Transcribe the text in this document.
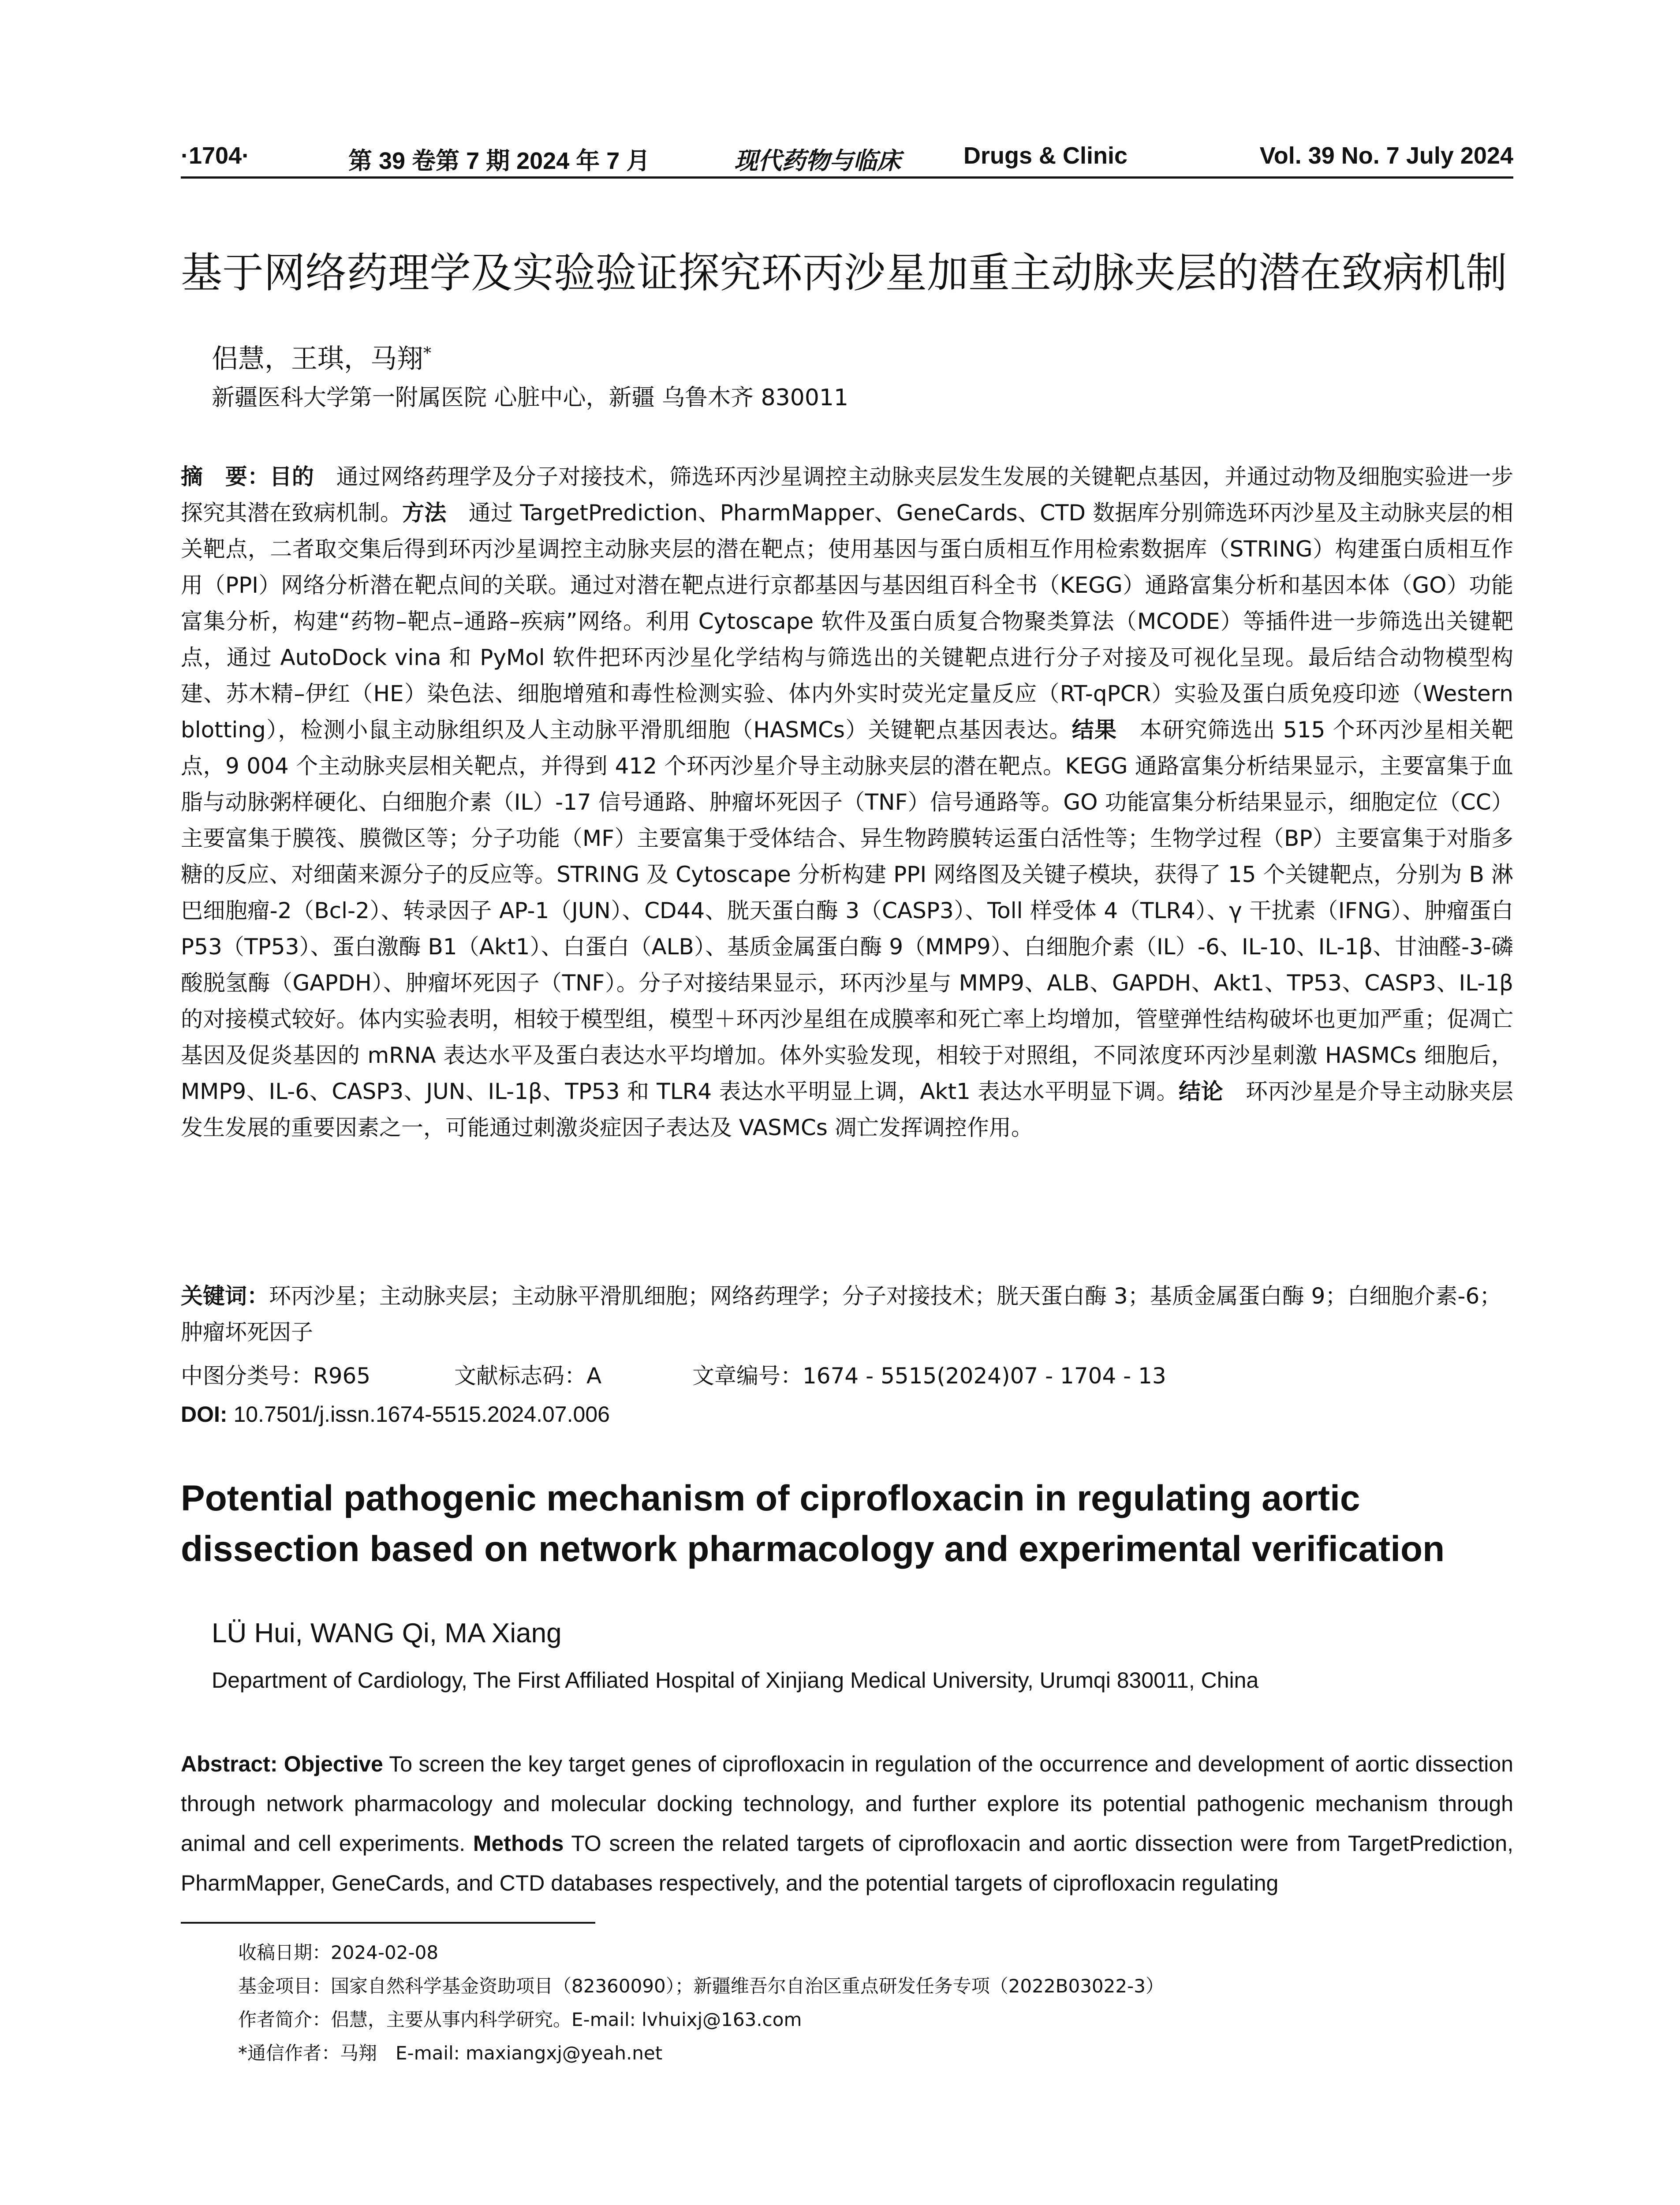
·1704·	第 39 卷第 7 期 2024 年 7 月	现代药物与临床	Drugs & Clinic	Vol. 39 No. 7 July 2024
基于网络药理学及实验验证探究环丙沙星加重主动脉夹层的潜在致病机制
侣慧，王琪，马翔*
新疆医科大学第一附属医院 心脏中心，新疆 乌鲁木齐 830011
摘　要：目的　通过网络药理学及分子对接技术，筛选环丙沙星调控主动脉夹层发生发展的关键靶点基因，并通过动物及细胞实验进一步探究其潜在致病机制。方法　通过 TargetPrediction、PharmMapper、GeneCards、CTD 数据库分别筛选环丙沙星及主动脉夹层的相关靶点，二者取交集后得到环丙沙星调控主动脉夹层的潜在靶点；使用基因与蛋白质相互作用检索数据库（STRING）构建蛋白质相互作用（PPI）网络分析潜在靶点间的关联。通过对潜在靶点进行京都基因与基因组百科全书（KEGG）通路富集分析和基因本体（GO）功能富集分析，构建“药物–靶点–通路–疾病”网络。利用 Cytoscape 软件及蛋白质复合物聚类算法（MCODE）等插件进一步筛选出关键靶点，通过 AutoDock vina 和 PyMol 软件把环丙沙星化学结构与筛选出的关键靶点进行分子对接及可视化呈现。最后结合动物模型构建、苏木精–伊红（HE）染色法、细胞增殖和毒性检测实验、体内外实时荧光定量反应（RT-qPCR）实验及蛋白质免疫印迹（Western blotting），检测小鼠主动脉组织及人主动脉平滑肌细胞（HASMCs）关键靶点基因表达。结果　本研究筛选出 515 个环丙沙星相关靶点，9 004 个主动脉夹层相关靶点，并得到 412 个环丙沙星介导主动脉夹层的潜在靶点。KEGG 通路富集分析结果显示，主要富集于血脂与动脉粥样硬化、白细胞介素（IL）-17 信号通路、肿瘤坏死因子（TNF）信号通路等。GO 功能富集分析结果显示，细胞定位（CC）主要富集于膜筏、膜微区等；分子功能（MF）主要富集于受体结合、异生物跨膜转运蛋白活性等；生物学过程（BP）主要富集于对脂多糖的反应、对细菌来源分子的反应等。STRING 及 Cytoscape 分析构建 PPI 网络图及关键子模块，获得了 15 个关键靶点，分别为 B 淋巴细胞瘤-2（Bcl-2）、转录因子 AP-1（JUN）、CD44、胱天蛋白酶 3（CASP3）、Toll 样受体 4（TLR4）、γ 干扰素（IFNG）、肿瘤蛋白 P53（TP53）、蛋白激酶 B1（Akt1）、白蛋白（ALB）、基质金属蛋白酶 9（MMP9）、白细胞介素（IL）-6、IL-10、IL-1β、甘油醛-3-磷酸脱氢酶（GAPDH）、肿瘤坏死因子（TNF）。分子对接结果显示，环丙沙星与 MMP9、ALB、GAPDH、Akt1、TP53、CASP3、IL-1β 的对接模式较好。体内实验表明，相较于模型组，模型＋环丙沙星组在成膜率和死亡率上均增加，管壁弹性结构破坏也更加严重；促凋亡基因及促炎基因的 mRNA 表达水平及蛋白表达水平均增加。体外实验发现，相较于对照组，不同浓度环丙沙星刺激 HASMCs 细胞后，MMP9、IL-6、CASP3、JUN、IL-1β、TP53 和 TLR4 表达水平明显上调，Akt1 表达水平明显下调。结论　环丙沙星是介导主动脉夹层发生发展的重要因素之一，可能通过刺激炎症因子表达及 VASMCs 凋亡发挥调控作用。
关键词：环丙沙星；主动脉夹层；主动脉平滑肌细胞；网络药理学；分子对接技术；胱天蛋白酶 3；基质金属蛋白酶 9；白细胞介素-6；肿瘤坏死因子
中图分类号：R965	文献标志码：A	文章编号：1674 - 5515(2024)07 - 1704 - 13
DOI: 10.7501/j.issn.1674-5515.2024.07.006
Potential pathogenic mechanism of ciprofloxacin in regulating aortic dissection based on network pharmacology and experimental verification
LÜ Hui, WANG Qi, MA Xiang
Department of Cardiology, The First Affiliated Hospital of Xinjiang Medical University, Urumqi 830011, China
Abstract: Objective To screen the key target genes of ciprofloxacin in regulation of the occurrence and development of aortic dissection through network pharmacology and molecular docking technology, and further explore its potential pathogenic mechanism through animal and cell experiments. Methods TO screen the related targets of ciprofloxacin and aortic dissection were from TargetPrediction, PharmMapper, GeneCards, and CTD databases respectively, and the potential targets of ciprofloxacin regulating
收稿日期：2024-02-08
基金项目：国家自然科学基金资助项目（82360090）；新疆维吾尔自治区重点研发任务专项（2022B03022-3）
作者简介：侣慧，主要从事内科学研究。E-mail: lvhuixj@163.com
*通信作者：马翔　E-mail: maxiangxj@yeah.net
